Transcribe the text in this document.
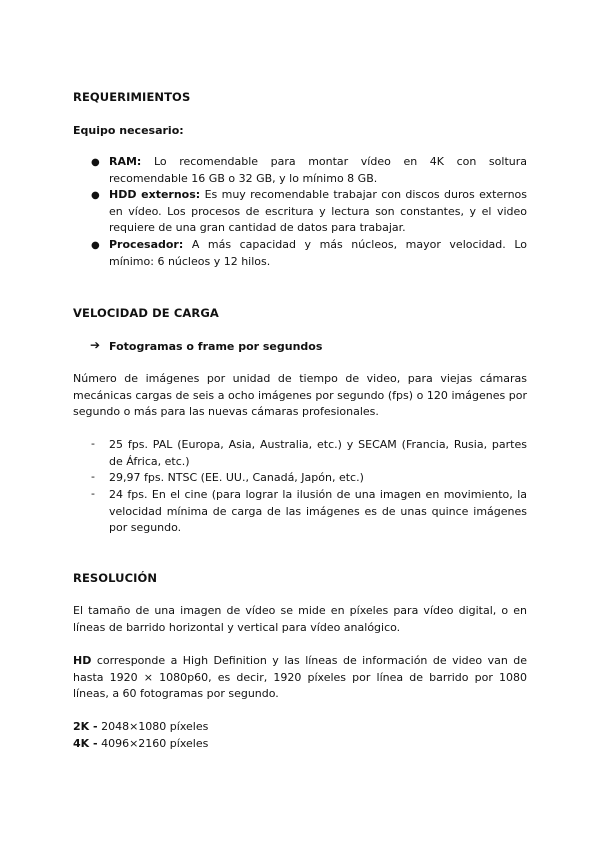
REQUERIMIENTOS
Equipo necesario:
● RAM: Lo recomendable para montar vídeo en 4K con soltura recomendable 16 GB o 32 GB, y lo mínimo 8 GB.
● HDD externos: Es muy recomendable trabajar con discos duros externos en vídeo. Los procesos de escritura y lectura son constantes, y el video requiere de una gran cantidad de datos para trabajar.
● Procesador: A más capacidad y más núcleos, mayor velocidad. Lo mínimo: 6 núcleos y 12 hilos.
VELOCIDAD DE CARGA
➔ Fotogramas o frame por segundos
Número de imágenes por unidad de tiempo de video, para viejas cámaras mecánicas cargas de seis a ocho imágenes por segundo (fps) o 120 imágenes por segundo o más para las nuevas cámaras profesionales.
- 25 fps. PAL (Europa, Asia, Australia, etc.) y SECAM (Francia, Rusia, partes de África, etc.)
- 29,97 fps. NTSC (EE. UU., Canadá, Japón, etc.)
- 24 fps. En el cine (para lograr la ilusión de una imagen en movimiento, la velocidad mínima de carga de las imágenes es de unas quince imágenes por segundo.
RESOLUCIÓN
El tamaño de una imagen de vídeo se mide en píxeles para vídeo digital, o en líneas de barrido horizontal y vertical para vídeo analógico.
HD corresponde a High Definition y las líneas de información de video van de hasta 1920 × 1080p60, es decir, 1920 píxeles por línea de barrido por 1080 líneas, a 60 fotogramas por segundo.
2K - 2048×1080 píxeles
4K - 4096×2160 píxeles
